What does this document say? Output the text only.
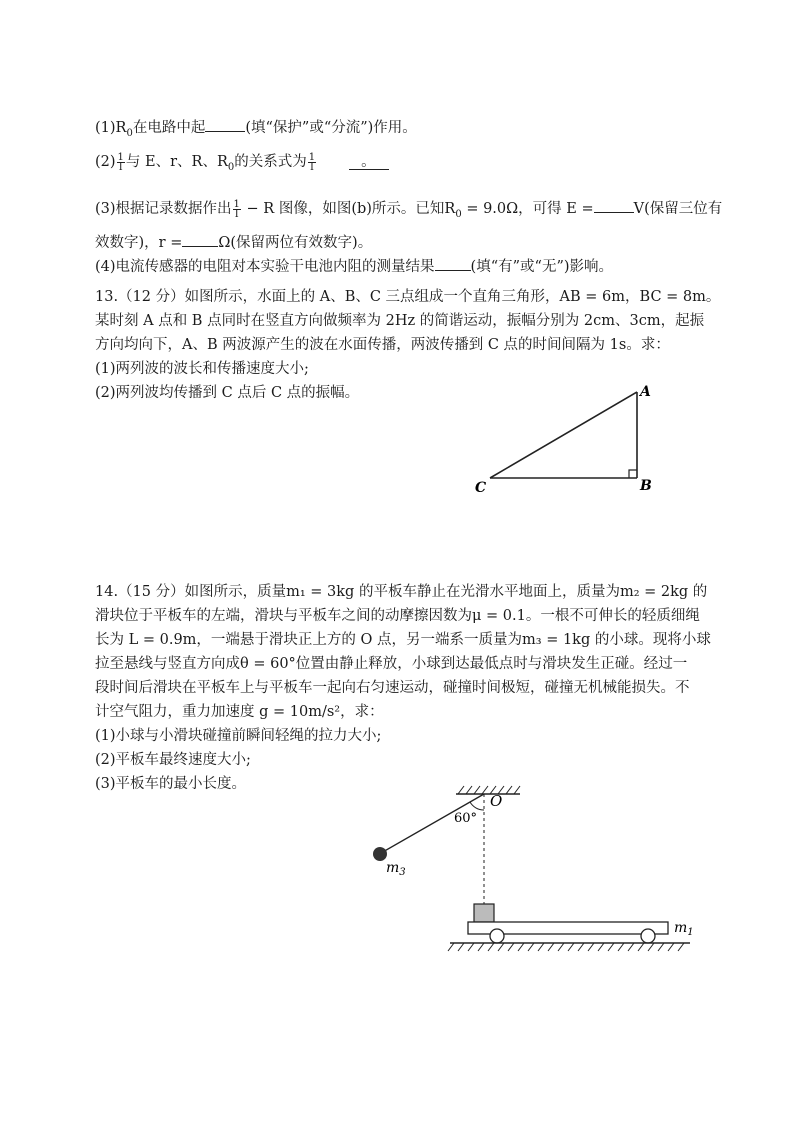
$(1)R_0$在电路中起	(填“保护”或“分流”)作用。
$(2) \frac{1}{I}$ 与 E、r、R、$R_0$的关系式为 $\frac{1}{I}$	。
(3)根据记录数据作出 $\frac{1}{I} - R$ 图像，如图(b)所示。已知$R_0 = 9.0\Omega$，可得 E =	V(保留三位有
效数字)，r = Ω(保留两位有效数字)。
(4)电流传感器的电阻对本实验干电池内阻的测量结果 (填“有”或“无”)影响。
13.（12 分）如图所示，水面上的 A、B、C 三点组成一个直角三角形，AB = 6m，BC = 8m。
某时刻 A 点和 B 点同时在竖直方向做频率为 2Hz 的简谐运动，振幅分别为 2cm、3cm，起振
方向均向下，A、B 两波源产生的波在水面传播，两波传播到 C 点的时间间隔为 1s。求：
(1)两列波的波长和传播速度大小;
(2)两列波均传播到 C 点后 C 点的振幅。	A
B
C
14.（15 分）如图所示，质量m₁ = 3kg 的平板车静止在光滑水平地面上，质量为m₂ = 2kg 的
滑块位于平板车的左端，滑块与平板车之间的动摩擦因数为μ = 0.1。一根不可伸长的轻质细绳
长为 L = 0.9m，一端悬于滑块正上方的 O 点，另一端系一质量为m₃ = 1kg 的小球。现将小球
拉至悬线与竖直方向成θ = 60°位置由静止释放，小球到达最低点时与滑块发生正碰。经过一
段时间后滑块在平板车上与平板车一起向右匀速运动，碰撞时间极短，碰撞无机械能损失。不
计空气阻力，重力加速度 g = 10m/s²，求：
(1)小球与小滑块碰撞前瞬间轻绳的拉力大小;
(2)平板车最终速度大小;
(3)平板车的最小长度。
60°
O
$m_3$
$m_1$
